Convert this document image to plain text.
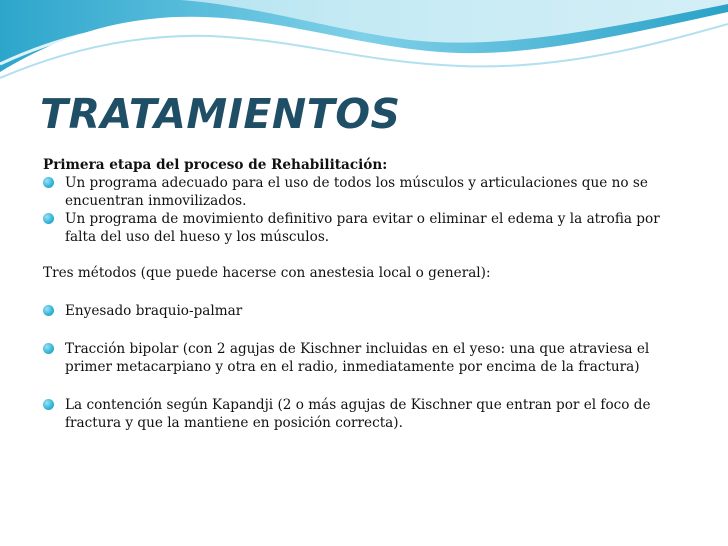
TRATAMIENTOS

Primera etapa del proceso de Rehabilitación:

Un programa adecuado para el uso de todos los músculos y articulaciones que no se encuentran inmovilizados.

Un programa de movimiento definitivo para evitar o eliminar el edema y la atrofia por falta del uso del hueso y los músculos.

Tres métodos (que puede hacerse con anestesia local o general):

Enyesado braquio-palmar

Tracción bipolar (con 2 agujas de Kischner incluidas en el yeso: una que atraviesa el primer metacarpiano y otra en el radio, inmediatamente por encima de la fractura)

La contención según Kapandji (2 o más agujas de Kischner que entran por el foco de fractura y que la mantiene en posición correcta).
